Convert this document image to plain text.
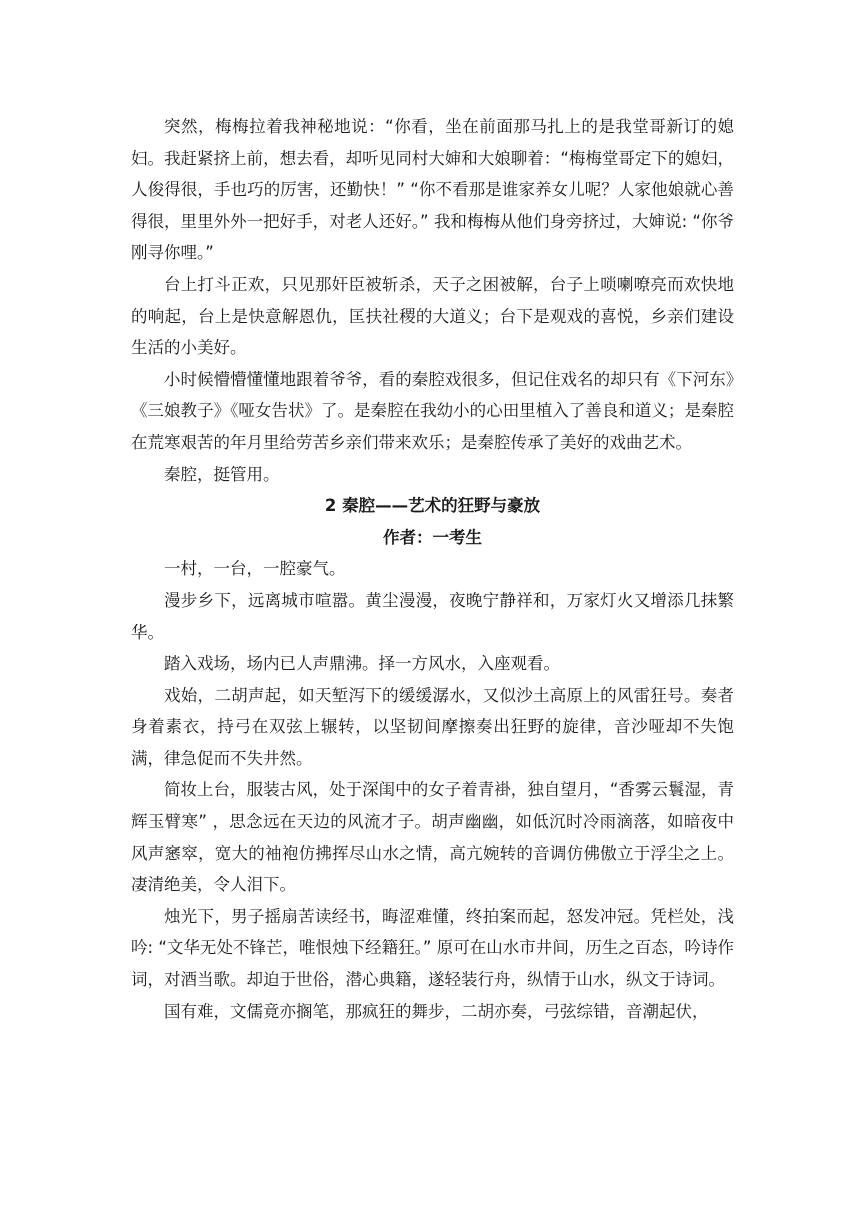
突然，梅梅拉着我神秘地说：“你看，坐在前面那马扎上的是我堂哥新订的媳妇。我赶紧挤上前，想去看，却听见同村大婶和大娘聊着：“梅梅堂哥定下的媳妇，人俊得很，手也巧的厉害，还勤快！” “你不看那是谁家养女儿呢？人家他娘就心善得很，里里外外一把好手，对老人还好。” 我和梅梅从他们身旁挤过，大婶说: “你爷刚寻你哩。”

台上打斗正欢，只见那奸臣被斩杀，天子之困被解，台子上唢喇嘹亮而欢快地的响起，台上是快意解恩仇，匡扶社稷的大道义；台下是观戏的喜悦，乡亲们建设生活的小美好。

小时候懵懵懂懂地跟着爷爷，看的秦腔戏很多，但记住戏名的却只有《下河东》《三娘教子》《哑女告状》了。是秦腔在我幼小的心田里植入了善良和道义；是秦腔在荒寒艰苦的年月里给劳苦乡亲们带来欢乐；是秦腔传承了美好的戏曲艺术。

秦腔，挺管用。

2 秦腔——艺术的狂野与豪放

作者：一考生

一村，一台，一腔豪气。

漫步乡下，远离城市喧嚣。黄尘漫漫，夜晚宁静祥和，万家灯火又增添几抹繁华。

踏入戏场，场内已人声鼎沸。择一方风水，入座观看。

戏始，二胡声起，如天堑泻下的缓缓潺水，又似沙土高原上的风雷狂号。奏者身着素衣，持弓在双弦上辗转，以坚韧间摩擦奏出狂野的旋律，音沙哑却不失饱满，律急促而不失井然。

简妆上台，服装古风，处于深闺中的女子着青褂，独自望月，“香雾云鬟湿，青辉玉臂寒” ，思念远在天边的风流才子。胡声幽幽，如低沉时冷雨滴落，如暗夜中风声窸窣，宽大的袖袍仿拂挥尽山水之情，高亢婉转的音调仿佛傲立于浮尘之上。凄清绝美，令人泪下。

烛光下，男子摇扇苦读经书，晦涩难懂，终拍案而起，怒发冲冠。凭栏处，浅吟: “文华无处不锋芒，唯恨烛下经籍狂。” 原可在山水市井间，历生之百态，吟诗作词，对酒当歌。却迫于世俗，潜心典籍，遂轻装行舟，纵情于山水，纵文于诗词。

国有难，文儒竟亦搁笔，那疯狂的舞步，二胡亦奏，弓弦综错，音潮起伏，
